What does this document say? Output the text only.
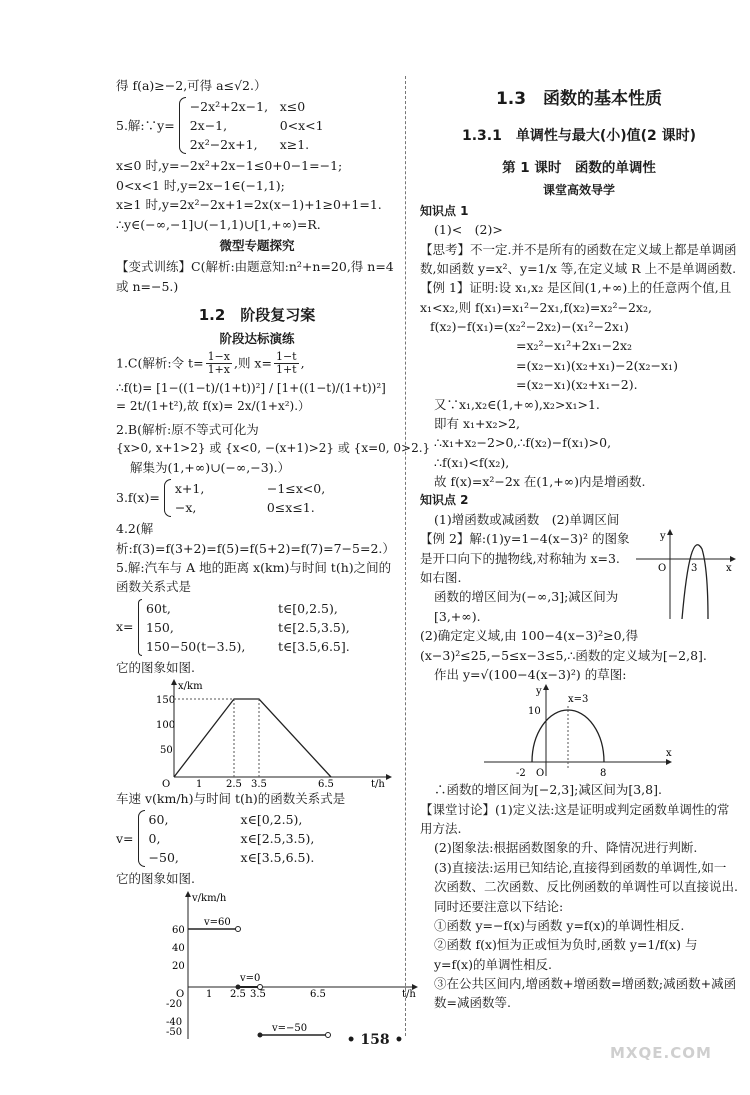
得 f(a)≥−2,可得 a≤√2.）
5.解:∵y=
−2x²+2x−1, x≤0
2x−1,	0<x<1
2x²−2x+1,	x≥1.
x≤0 时,y=−2x²+2x−1≤0+0−1=−1;
0<x<1 时,y=2x−1∈(−1,1);
x≥1 时,y=2x²−2x+1=2x(x−1)+1≥0+1=1.
∴y∈(−∞,−1]∪(−1,1)∪[1,+∞)=R.
微型专题探究
【变式训练】C(解析:由题意知:n²+n=20,得 n=4 或 n=−5.)
1.2　阶段复习案
阶段达标演练
1.C(解析:令 $t= \frac{1-x}{1+x}$ ,则 $x= \frac{1-t}{1+t}$ ,
∴f(t)= [1−((1−t)/(1+t))²] / [1+((1−t)/(1+t))²] = 2t/(1+t²),故 f(x)= 2x/(1+x²).）
2.B(解析:原不等式可化为
{x>0, x+1>2} 或 {x<0, −(x+1)>2} 或 {x=0, 0>2.}
解集为(1,+∞)∪(−∞,−3).）
3.f(x)=
x+1,	−1≤x<0,
−x,	0≤x≤1.
4.2(解析:f(3)=f(3+2)=f(5)=f(5+2)=f(7)=7−5=2.）
5.解:汽车与 A 地的距离 x(km)与时间 t(h)之间的函数关系式是
x=
60t,	t∈[0,2.5),
150,	t∈[2.5,3.5),
150−50(t−3.5),	t∈[3.5,6.5].
它的图象如图.
x/km
t/h
O
150
100
50
1 2.5 3.5	6.5
车速 v(km/h)与时间 t(h)的函数关系式是
v=
60,	x∈[0,2.5),
0,	x∈[2.5,3.5),
−50,	x∈[3.5,6.5).
它的图象如图.
v/km/h
t/h
O
60
40
20
-20
-40
-50
1 2.5 3.5	6.5
v=60
v=0
v=−50
1.3　函数的基本性质
1.3.1　单调性与最大(小)值(2 课时)
第 1 课时　函数的单调性
课堂高效导学
知识点 1
(1)<　(2)>
【思考】不一定.并不是所有的函数在定义域上都是单调函数,如函数 y=x²、y=1/x 等,在定义域 R 上不是单调函数.
【例 1】证明:设 x₁,x₂ 是区间(1,+∞)上的任意两个值,且 x₁<x₂,则 f(x₁)=x₁²−2x₁,f(x₂)=x₂²−2x₂,
f(x₂)−f(x₁)=(x₂²−2x₂)−(x₁²−2x₁)
=x₂²−x₁²+2x₁−2x₂
=(x₂−x₁)(x₂+x₁)−2(x₂−x₁)
=(x₂−x₁)(x₂+x₁−2).
又∵x₁,x₂∈(1,+∞),x₂>x₁>1.
即有 x₁+x₂>2,
∴x₁+x₂−2>0,∴f(x₂)−f(x₁)>0,
∴f(x₁)<f(x₂),
故 f(x)=x²−2x 在(1,+∞)内是增函数.
知识点 2
(1)增函数或减函数　(2)单调区间
【例 2】解:(1)y=1−4(x−3)² 的图象是开口向下的抛物线,对称轴为 x=3.如右图.
函数的增区间为(−∞,3];减区间为[3,+∞).
y
x
O 3
(2)确定定义域,由 100−4(x−3)²≥0,得(x−3)²≤25,−5≤x−3≤5,∴函数的定义域为[−2,8].
作出 y=√(100−4(x−3)²) 的草图:
y
x
O
10
x=3
-2	8
∴函数的增区间为[−2,3];减区间为[3,8].
【课堂讨论】(1)定义法:这是证明或判定函数单调性的常用方法.
(2)图象法:根据函数图象的升、降情况进行判断.
(3)直接法:运用已知结论,直接得到函数的单调性,如一次函数、二次函数、反比例函数的单调性可以直接说出.同时还要注意以下结论:
①函数 y=−f(x)与函数 y=f(x)的单调性相反.
②函数 f(x)恒为正或恒为负时,函数 y=1/f(x) 与 y=f(x)的单调性相反.
③在公共区间内,增函数+增函数=增函数;减函数+减函数=减函数等.
• 158 •
MXQE.COM
